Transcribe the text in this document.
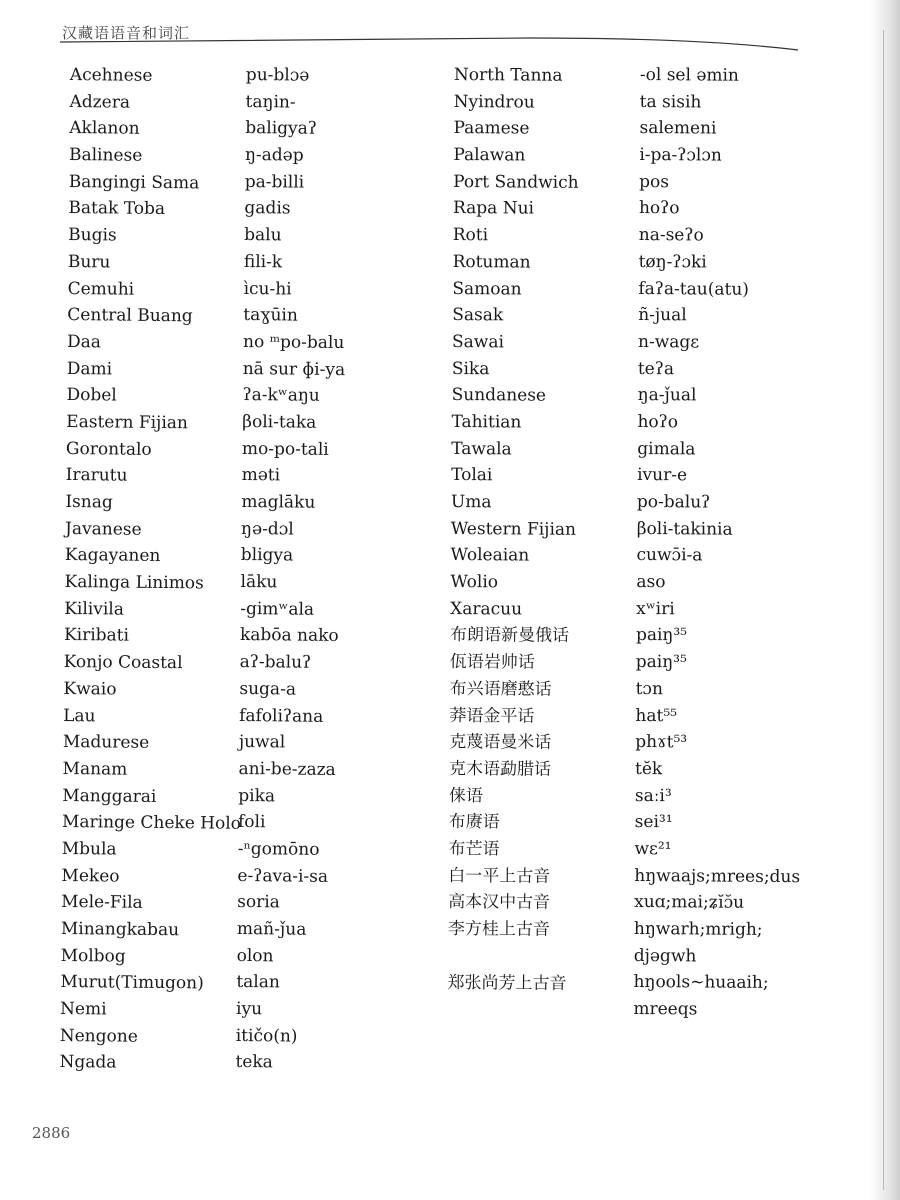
汉藏语语音和词汇
Acehnese
Adzera
Aklanon
Balinese
Bangingi Sama
Batak Toba
Bugis
Buru
Cemuhi
Central Buang
Daa
Dami
Dobel
Eastern Fijian
Gorontalo
Irarutu
Isnag
Javanese
Kagayanen
Kalinga Linimos
Kilivila
Kiribati
Konjo Coastal
Kwaio
Lau
Madurese
Manam
Manggarai
Maringe Cheke Holo
Mbula
Mekeo
Mele-Fila
Minangkabau
Molbog
Murut(Timugon)
Nemi
Nengone
Ngada
pu-blɔə
taŋin-
baligyaʔ
ŋ-adəp
pa-billi
gadis
balu
fili-k
ìcu-hi
taɣūin
no ᵐpo-balu
nā sur ɸi-ya
ʔa-kʷaŋu
βoli-taka
mo-po-tali
məti
maglāku
ŋə-dɔl
bligya
lāku
-gimʷala
kabōa nako
aʔ-baluʔ
suga-a
fafoliʔana
juwal
ani-be-zaza
pika
foli
-ⁿgomōno
e-ʔava-i-sa
soria
mañ-ǰua
olon
talan
iyu
itičo(n)
teka
North Tanna
Nyindrou
Paamese
Palawan
Port Sandwich
Rapa Nui
Roti
Rotuman
Samoan
Sasak
Sawai
Sika
Sundanese
Tahitian
Tawala
Tolai
Uma
Western Fijian
Woleaian
Wolio
Xaracuu
布朗语新曼俄话
佤语岩帅话
布兴语磨憨话
莽语金平话
克蔑语曼米话
克木语勐腊话
俫语
布赓语
布芒语
白一平上古音
高本汉中古音
李方桂上古音
郑张尚芳上古音
-ol sel əmin
ta sisih
salemeni
i-pa-ʔɔlɔn
pos
hoʔo
na-seʔo
tøŋ-ʔɔki
faʔa-tau(atu)
ñ-jual
n-wagɛ
teʔa
ŋa-ǰual
hoʔo
gimala
ivur-e
po-baluʔ
βoli-takinia
cuwɔ̄i-a
aso
xʷiri
paiŋ³⁵
paiŋ³⁵
tɔn
hat⁵⁵
phɤt⁵³
tĕk
saːi³
sei³¹
wɛ²¹
hŋwaajs;mrees;dus
xuɑ;mai;ʑĭɔ̆u
hŋwarh;mrigh;
djəgwh
hŋools~huaaih;
mreeqs
2886
